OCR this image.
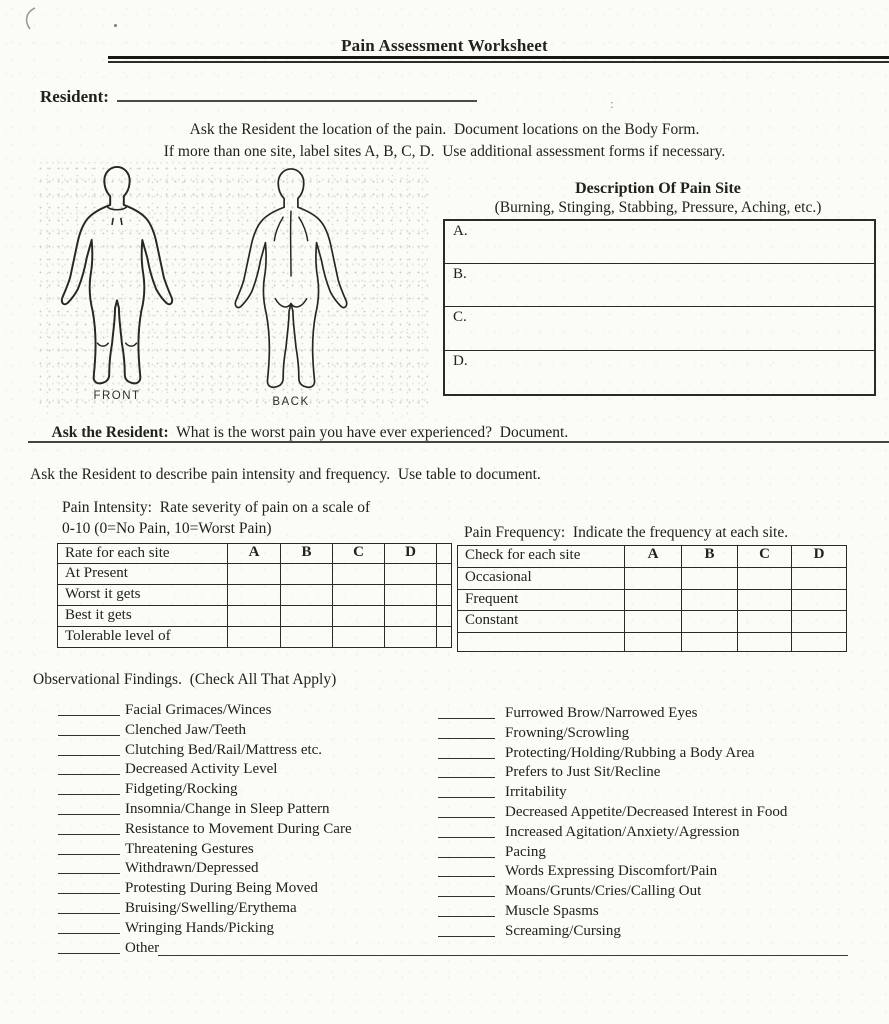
:
Pain Assessment Worksheet
Resident:
Ask the Resident the location of the pain.  Document locations on the Body Form.
If more than one site, label sites A, B, C, D.  Use additional assessment forms if necessary.
FRONT	BACK
Description Of Pain Site
(Burning, Stinging, Stabbing, Pressure, Aching, etc.)
A.
B.
C.
D.

Ask the Resident: What is the worst pain you have ever experienced?  Document.

Ask the Resident to describe pain intensity and frequency.  Use table to document.
Pain Intensity:  Rate severity of pain on a scale of
0-10 (0=No Pain, 10=Worst Pain)
Rate for each site	A	B	C	D	
At Present					
Worst it gets					
Best it gets					
Tolerable level of					
Pain Frequency:  Indicate the frequency at each site.
Check for each site	A	B	C	D
Occasional				
Frequent				
Constant				

Observational Findings.  (Check All That Apply)
Facial Grimaces/Winces
Clenched Jaw/Teeth
Clutching Bed/Rail/Mattress etc.
Decreased Activity Level
Fidgeting/Rocking
Insomnia/Change in Sleep Pattern
Resistance to Movement During Care
Threatening Gestures
Withdrawn/Depressed
Protesting During Being Moved
Bruising/Swelling/Erythema
Wringing Hands/Picking
Other
Furrowed Brow/Narrowed Eyes
Frowning/Scrowling
Protecting/Holding/Rubbing a Body Area
Prefers to Just Sit/Recline
Irritability
Decreased Appetite/Decreased Interest in Food
Increased Agitation/Anxiety/Agression
Pacing
Words Expressing Discomfort/Pain
Moans/Grunts/Cries/Calling Out
Muscle Spasms
Screaming/Cursing
